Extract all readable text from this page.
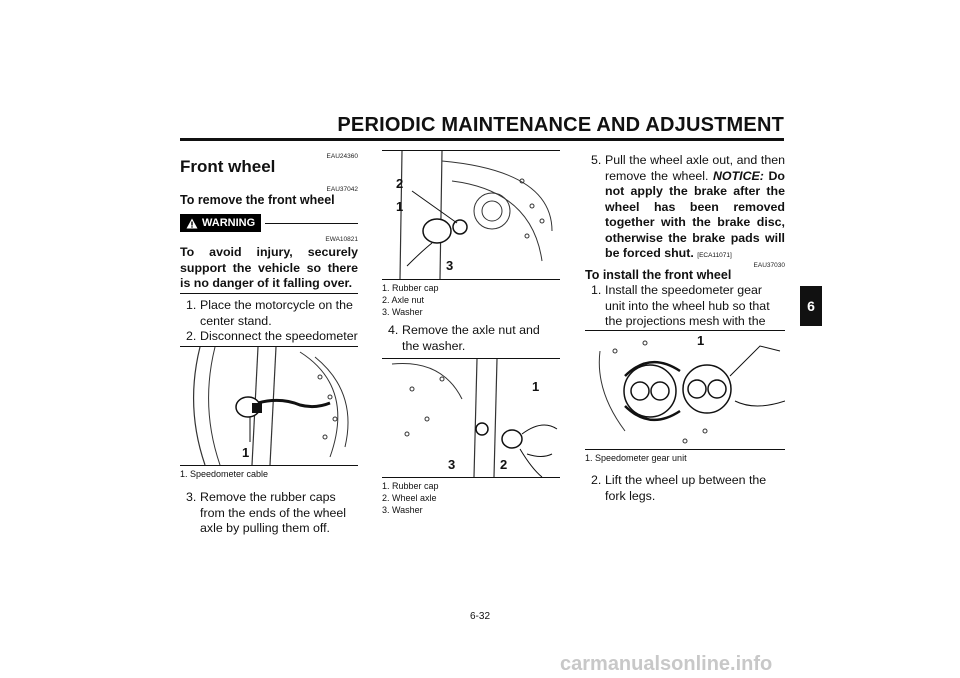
PERIODIC MAINTENANCE AND ADJUSTMENT
6
EAU24360
Front wheel
EAU37042
To remove the front wheel
WARNING
EWA10821
To avoid injury, securely support the vehicle so there is no danger of it falling over.
1. Place the motorcycle on the center stand.
2. Disconnect the speedometer
1
1. Speedometer cable
3. Remove the rubber caps from the ends of the wheel axle by pulling them off.
2
1
3
1. Rubber cap
2. Axle nut
3. Washer
4. Remove the axle nut and the washer.
1
3	2
1. Rubber cap
2. Wheel axle
3. Washer
5. Pull the wheel axle out, and then remove the wheel. NOTICE: Do not apply the brake after the wheel has been removed together with the brake disc, otherwise the brake pads will be forced shut. [ECA11071]
EAU37030
To install the front wheel
1. Install the speedometer gear unit into the wheel hub so that the projections mesh with the
1
1. Speedometer gear unit
2. Lift the wheel up between the fork legs.
6-32
carmanualsonline.info
